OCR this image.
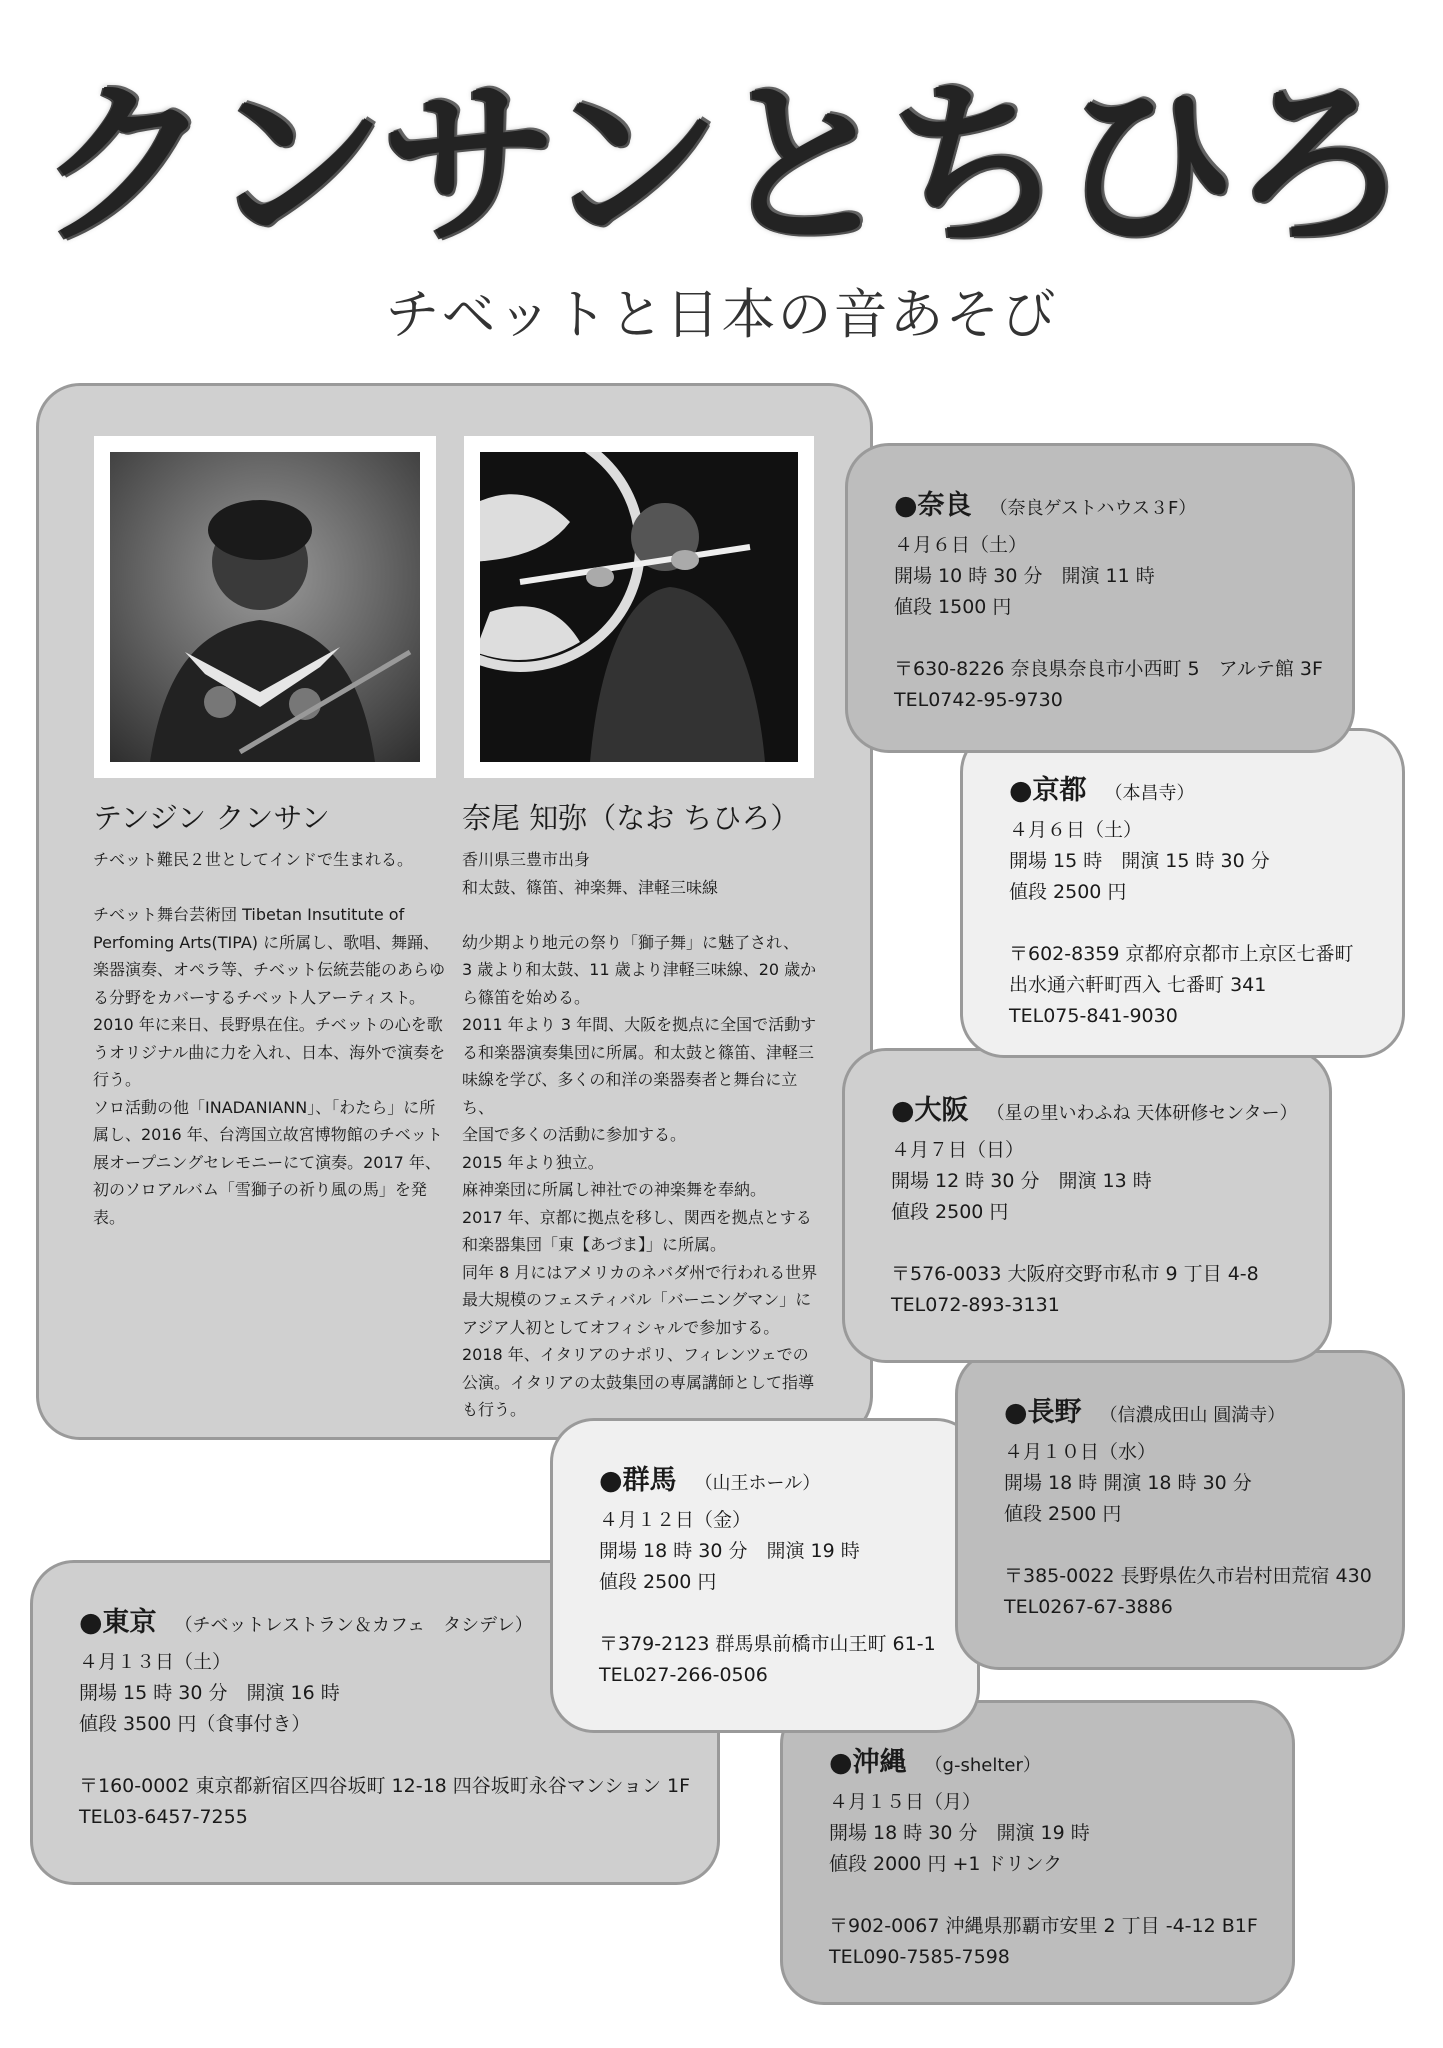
クンサンとちひろ
チベットと日本の音あそび
テンジン クンサン
チベット難民２世としてインドで生まれる。

チベット舞台芸術団 Tibetan Insutitute of
Perfoming Arts(TIPA) に所属し、歌唱、舞踊、
楽器演奏、オペラ等、チベット伝統芸能のあらゆ
る分野をカバーするチベット人アーティスト。
2010 年に来日、長野県在住。チベットの心を歌
うオリジナル曲に力を入れ、日本、海外で演奏を
行う。
ソロ活動の他「INADANIANN」、「わたら」に所
属し、2016 年、台湾国立故宮博物館のチベット
展オープニングセレモニーにて演奏。2017 年、
初のソロアルバム「雪獅子の祈り風の馬」を発表。
奈尾 知弥（なお ちひろ）
香川県三豊市出身
和太鼓、篠笛、神楽舞、津軽三味線

幼少期より地元の祭り「獅子舞」に魅了され、
3 歳より和太鼓、11 歳より津軽三味線、20 歳か
ら篠笛を始める。
2011 年より 3 年間、大阪を拠点に全国で活動す
る和楽器演奏集団に所属。和太鼓と篠笛、津軽三
味線を学び、多くの和洋の楽器奏者と舞台に立ち、
全国で多くの活動に参加する。
2015 年より独立。
麻神楽団に所属し神社での神楽舞を奉納。
2017 年、京都に拠点を移し、関西を拠点とする
和楽器集団「東【あづま】」に所属。
同年 8 月にはアメリカのネバダ州で行われる世界
最大規模のフェスティバル「バーニングマン」に
アジア人初としてオフィシャルで参加する。
2018 年、イタリアのナポリ、フィレンツェでの
公演。イタリアの太鼓集団の専属講師として指導
も行う。
●東京 （チベットレストラン＆カフェ　タシデレ）
４月１３日（土）
開場 15 時 30 分　開演 16 時
値段 3500 円（食事付き）
〒160-0002 東京都新宿区四谷坂町 12-18 四谷坂町永谷マンション 1F
TEL03-6457-7255
●沖縄 （g-shelter）
４月１５日（月）
開場 18 時 30 分　開演 19 時
値段 2000 円 +1 ドリンク
〒902-0067 沖縄県那覇市安里 2 丁目 -4-12 B1F
TEL090-7585-7598
●群馬 （山王ホール）
４月１２日（金）
開場 18 時 30 分　開演 19 時
値段 2500 円
〒379-2123 群馬県前橋市山王町 61-1
TEL027-266-0506
●長野 （信濃成田山 圓満寺）
４月１０日（水）
開場 18 時 開演 18 時 30 分
値段 2500 円
〒385-0022 長野県佐久市岩村田荒宿 430
TEL0267-67-3886
●大阪 （星の里いわふね 天体研修センター）
４月７日（日）
開場 12 時 30 分　開演 13 時
値段 2500 円
〒576-0033 大阪府交野市私市 9 丁目 4-8
TEL072-893-3131
●京都 （本昌寺）
４月６日（土）
開場 15 時　開演 15 時 30 分
値段 2500 円
〒602-8359 京都府京都市上京区七番町
出水通六軒町西入 七番町 341
TEL075-841-9030
●奈良 （奈良ゲストハウス３F）
４月６日（土）
開場 10 時 30 分　開演 11 時
値段 1500 円
〒630-8226 奈良県奈良市小西町 5　アルテ館 3F
TEL0742-95-9730
